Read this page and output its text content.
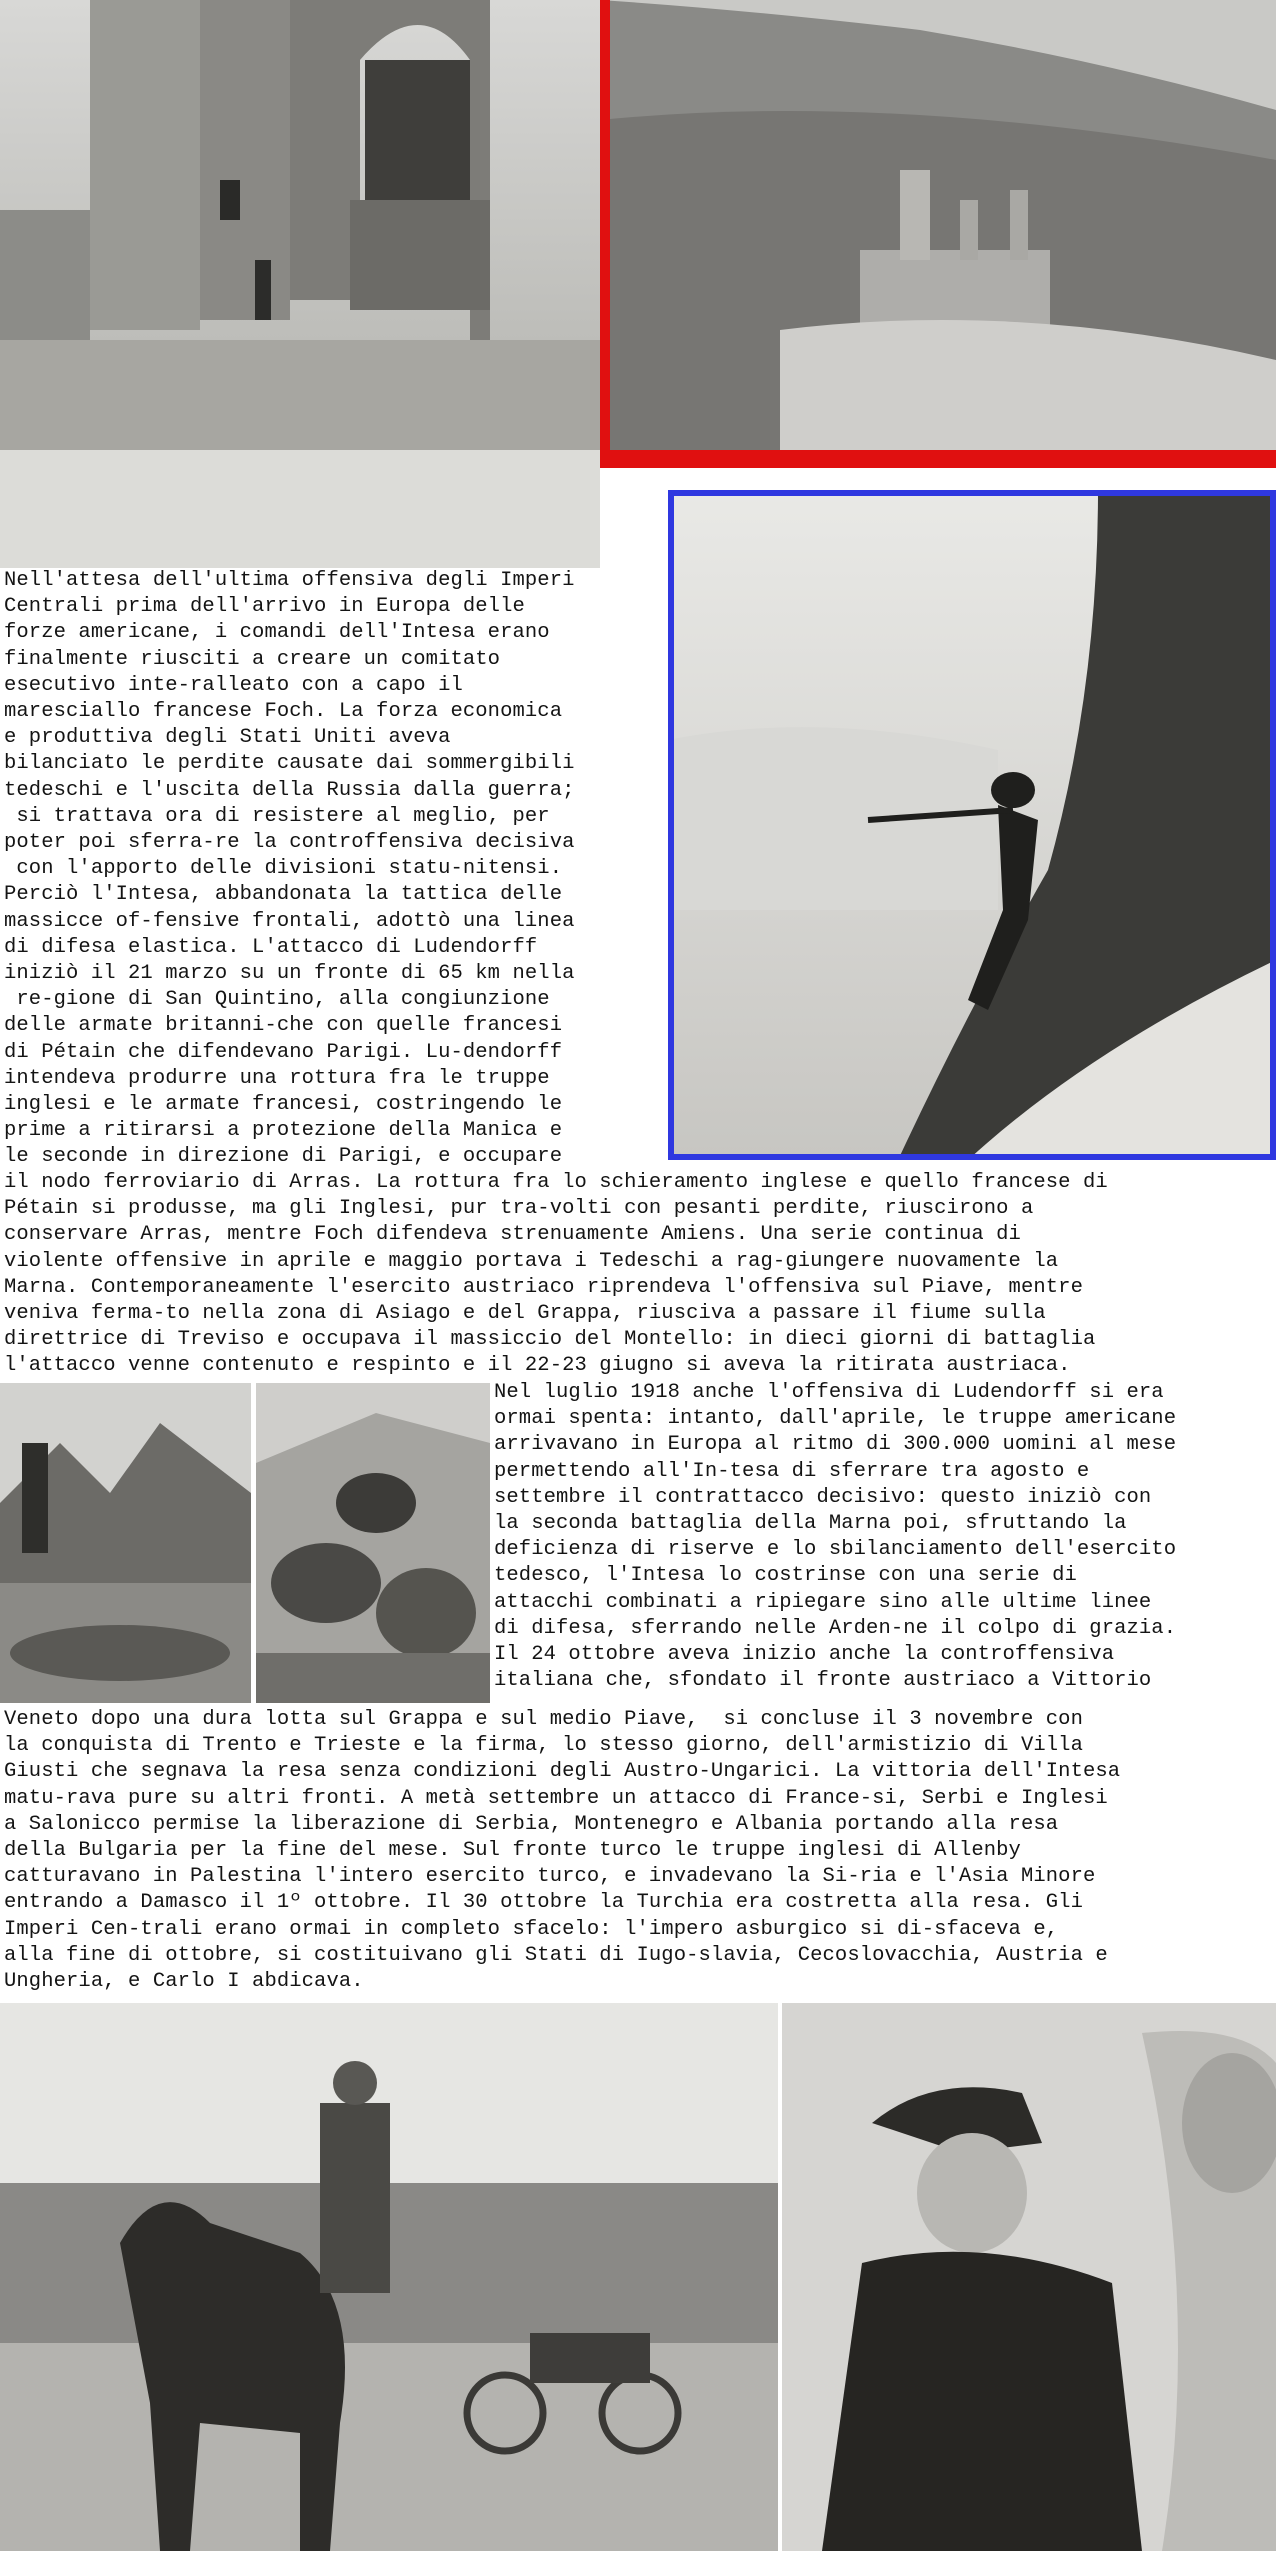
Nell'attesa dell'ultima offensiva degli Imperi
Centrali prima dell'arrivo in Europa delle
forze americane, i comandi dell'Intesa erano
finalmente riusciti a creare un comitato
esecutivo inte-ralleato con a capo il
maresciallo francese Foch. La forza economica
e produttiva degli Stati Uniti aveva
bilanciato le perdite causate dai sommergibili
tedeschi e l'uscita della Russia dalla guerra;
si trattava ora di resistere al meglio, per
poter poi sferra-re la controffensiva decisiva
con l'apporto delle divisioni statu-nitensi.
Perciò l'Intesa, abbandonata la tattica delle
massicce of-fensive frontali, adottò una linea
di difesa elastica. L'attacco di Ludendorff
iniziò il 21 marzo su un fronte di 65 km nella
re-gione di San Quintino, alla congiunzione
delle armate britanni-che con quelle francesi
di Pétain che difendevano Parigi. Lu-dendorff
intendeva produrre una rottura fra le truppe
inglesi e le armate francesi, costringendo le
prime a ritirarsi a protezione della Manica e
le seconde in direzione di Parigi, e occupare

il nodo ferroviario di Arras. La rottura fra lo schieramento inglese e quello francese di
Pétain si produsse, ma gli Inglesi, pur tra-volti con pesanti perdite, riuscirono a
conservare Arras, mentre Foch difendeva strenuamente Amiens. Una serie continua di
violente offensive in aprile e maggio portava i Tedeschi a rag-giungere nuovamente la
Marna. Contemporaneamente l'esercito austriaco riprendeva l'offensiva sul Piave, mentre
veniva ferma-to nella zona di Asiago e del Grappa, riusciva a passare il fiume sulla
direttrice di Treviso e occupava il massiccio del Montello: in dieci giorni di battaglia
l'attacco venne contenuto e respinto e il 22-23 giugno si aveva la ritirata austriaca.

Nel luglio 1918 anche l'offensiva di Ludendorff si era
ormai spenta: intanto, dall'aprile, le truppe americane
arrivavano in Europa al ritmo di 300.000 uomini al mese
permettendo all'In-tesa di sferrare tra agosto e
settembre il contrattacco decisivo: questo iniziò con
la seconda battaglia della Marna poi, sfruttando la
deficienza di riserve e lo sbilanciamento dell'esercito
tedesco, l'Intesa lo costrinse con una serie di
attacchi combinati a ripiegare sino alle ultime linee
di difesa, sferrando nelle Arden-ne il colpo di grazia.
Il 24 ottobre aveva inizio anche la controffensiva
italiana che, sfondato il fronte austriaco a Vittorio

Veneto dopo una dura lotta sul Grappa e sul medio Piave,  si concluse il 3 novembre con
la conquista di Trento e Trieste e la firma, lo stesso giorno, dell'armistizio di Villa
Giusti che segnava la resa senza condizioni degli Austro-Ungarici. La vittoria dell'Intesa
matu-rava pure su altri fronti. A metà settembre un attacco di France-si, Serbi e Inglesi
a Salonicco permise la liberazione di Serbia, Montenegro e Albania portando alla resa
della Bulgaria per la fine del mese. Sul fronte turco le truppe inglesi di Allenby
catturavano in Palestina l'intero esercito turco, e invadevano la Si-ria e l'Asia Minore
entrando a Damasco il 1º ottobre. Il 30 ottobre la Turchia era costretta alla resa. Gli
Imperi Cen-trali erano ormai in completo sfacelo: l'impero asburgico si di-sfaceva e,
alla fine di ottobre, si costituivano gli Stati di Iugo-slavia, Cecoslovacchia, Austria e
Ungheria, e Carlo I abdicava.
